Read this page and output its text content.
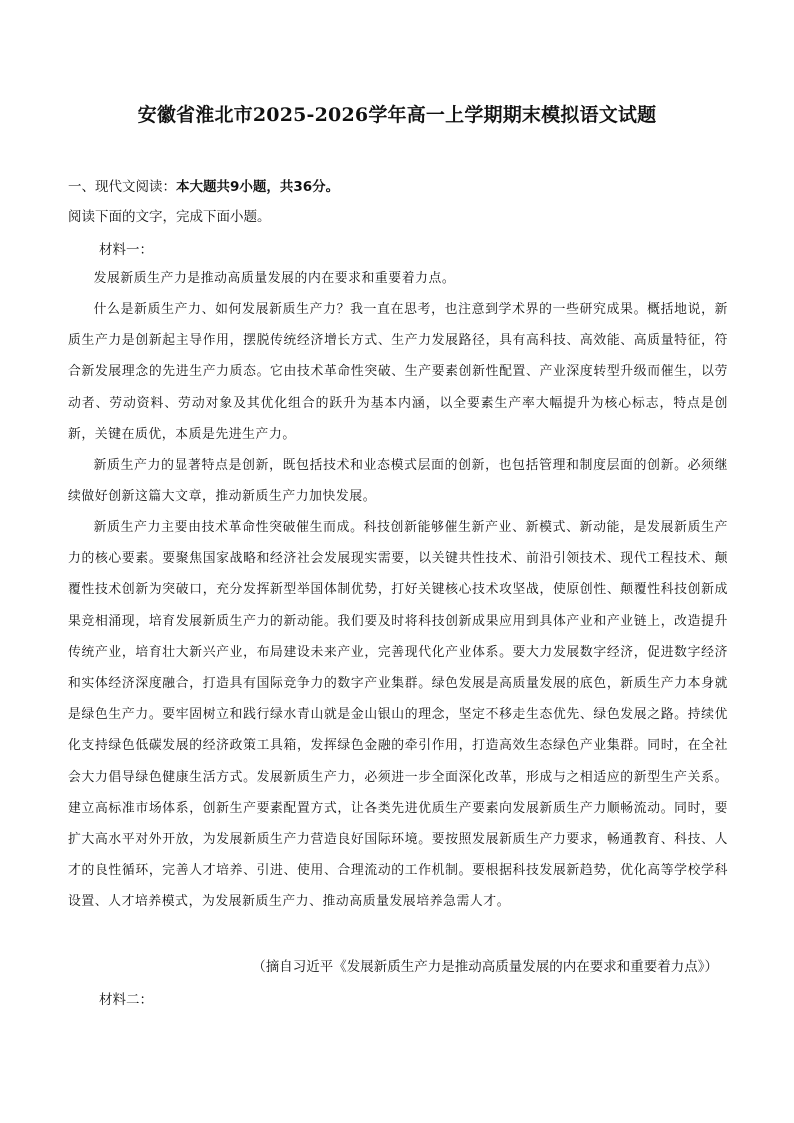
安徽省淮北市2025-2026学年高一上学期期末模拟语文试题
一、现代文阅读：本大题共9小题，共36分。
阅读下面的文字，完成下面小题。
材料一：

发展新质生产力是推动高质量发展的内在要求和重要着力点。

什么是新质生产力、如何发展新质生产力？我一直在思考，也注意到学术界的一些研究成果。概括地说，新质生产力是创新起主导作用，摆脱传统经济增长方式、生产力发展路径，具有高科技、高效能、高质量特征，符合新发展理念的先进生产力质态。它由技术革命性突破、生产要素创新性配置、产业深度转型升级而催生，以劳动者、劳动资料、劳动对象及其优化组合的跃升为基本内涵，以全要素生产率大幅提升为核心标志，特点是创新，关键在质优，本质是先进生产力。

新质生产力的显著特点是创新，既包括技术和业态模式层面的创新，也包括管理和制度层面的创新。必须继续做好创新这篇大文章，推动新质生产力加快发展。

新质生产力主要由技术革命性突破催生而成。科技创新能够催生新产业、新模式、新动能，是发展新质生产力的核心要素。要聚焦国家战略和经济社会发展现实需要，以关键共性技术、前沿引领技术、现代工程技术、颠覆性技术创新为突破口，充分发挥新型举国体制优势，打好关键核心技术攻坚战，使原创性、颠覆性科技创新成果竞相涌现，培育发展新质生产力的新动能。我们要及时将科技创新成果应用到具体产业和产业链上，改造提升传统产业，培育壮大新兴产业，布局建设未来产业，完善现代化产业体系。要大力发展数字经济，促进数字经济和实体经济深度融合，打造具有国际竞争力的数字产业集群。绿色发展是高质量发展的底色，新质生产力本身就是绿色生产力。要牢固树立和践行绿水青山就是金山银山的理念，坚定不移走生态优先、绿色发展之路。持续优化支持绿色低碳发展的经济政策工具箱，发挥绿色金融的牵引作用，打造高效生态绿色产业集群。同时，在全社会大力倡导绿色健康生活方式。发展新质生产力，必须进一步全面深化改革，形成与之相适应的新型生产关系。建立高标准市场体系，创新生产要素配置方式，让各类先进优质生产要素向发展新质生产力顺畅流动。同时，要扩大高水平对外开放，为发展新质生产力营造良好国际环境。要按照发展新质生产力要求，畅通教育、科技、人才的良性循环，完善人才培养、引进、使用、合理流动的工作机制。要根据科技发展新趋势，优化高等学校学科设置、人才培养模式，为发展新质生产力、推动高质量发展培养急需人才。

（摘自习近平《发展新质生产力是推动高质量发展的内在要求和重要着力点》）
材料二：
